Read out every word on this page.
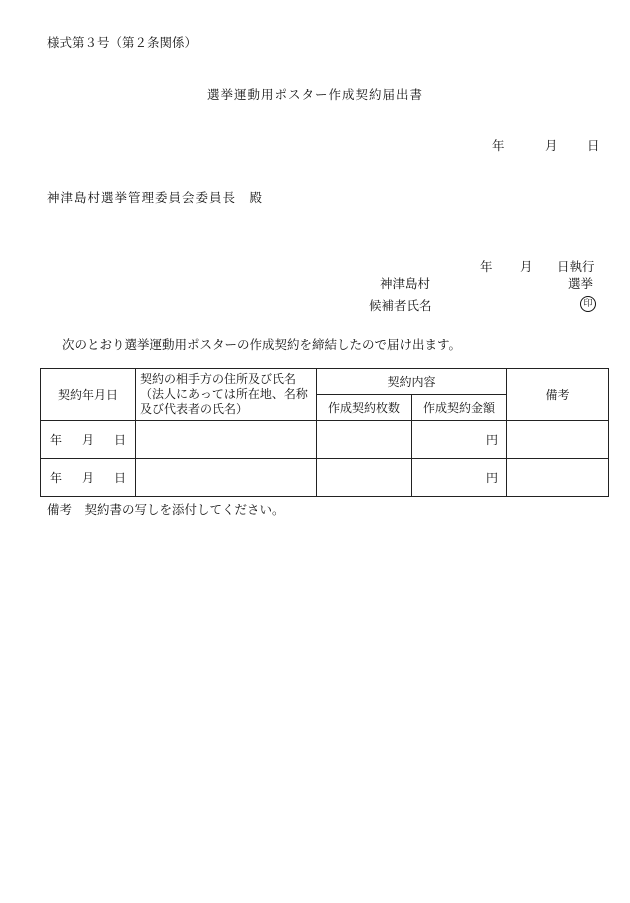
様式第３号（第２条関係）
選挙運動用ポスター作成契約届出書
年	月 日
神津島村選挙管理委員会委員長　殿
年 月 日執行
神津島村	選挙
候補者氏名	印
次のとおり選挙運動用ポスターの作成契約を締結したので届け出ます。
契約年月日	契約の相手方の住所及び氏名（法人にあっては所在地、名称及び代表者の氏名）	契約内容		備考
		作成契約枚数	作成契約金額	
年 月 日			円	
年 月 日			円	
備考　契約書の写しを添付してください。
